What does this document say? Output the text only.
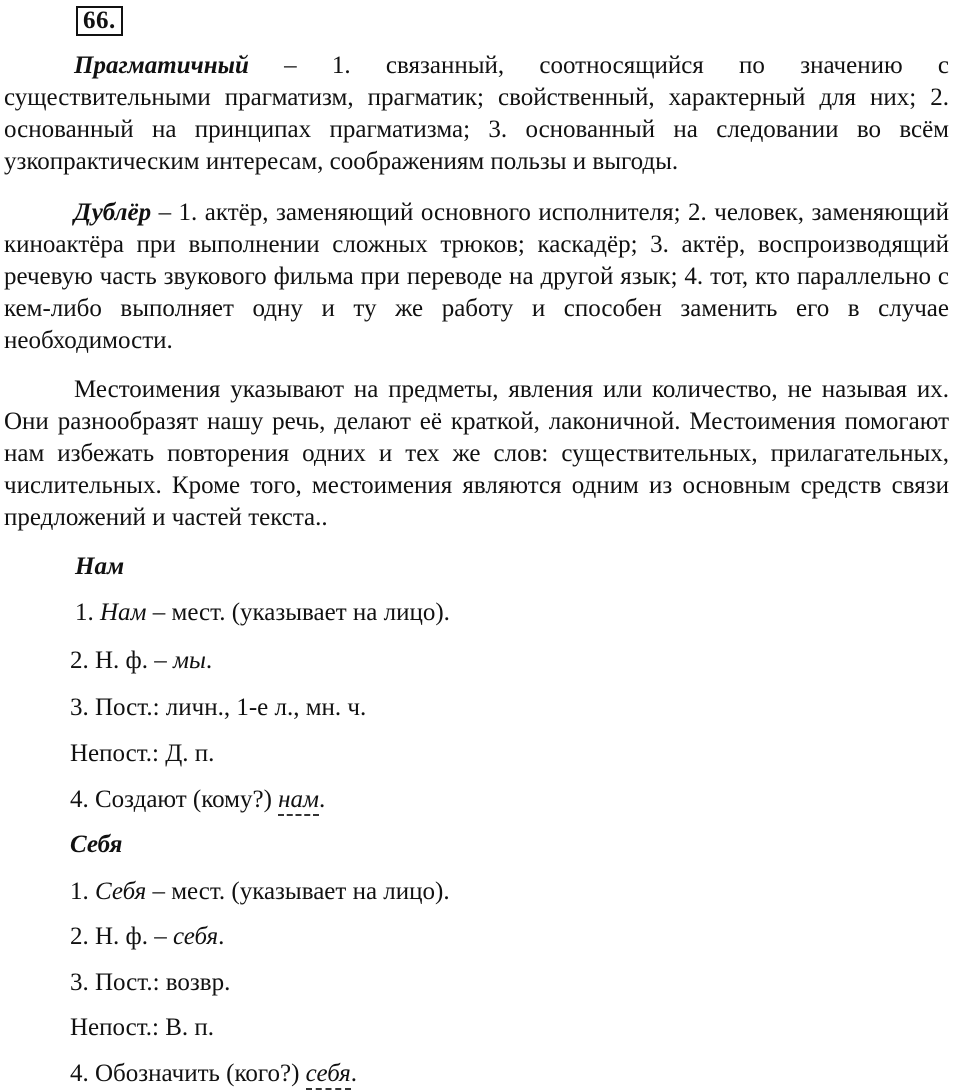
66.

Прагматичный – 1. связанный, соотносящийся по значению с существительными прагматизм, прагматик; свойственный, характерный для них; 2. основанный на принципах прагматизма; 3. основанный на следовании во всём узкопрактическим интересам, соображениям пользы и выгоды.

Дублёр – 1. актёр, заменяющий основного исполнителя; 2. человек, заменяющий киноактёра при выполнении сложных трюков; каскадёр; 3. актёр, воспроизводящий речевую часть звукового фильма при переводе на другой язык; 4. тот, кто параллельно с кем-либо выполняет одну и ту же работу и способен заменить его в случае необходимости.

Местоимения указывают на предметы, явления или количество, не называя их. Они разнообразят нашу речь, делают её краткой, лаконичной. Местоимения помогают нам избежать повторения одних и тех же слов: существительных, прилагательных, числительных. Кроме того, местоимения являются одним из основным средств связи предложений и частей текста..

Нам

1. Нам – мест. (указывает на лицо).

2. Н. ф. – мы.

3. Пост.: личн., 1-е л., мн. ч.

Непост.: Д. п.

4. Создают (кому?) нам.

Себя

1. Себя – мест. (указывает на лицо).

2. Н. ф. – себя.

3. Пост.: возвр.

Непост.: В. п.

4. Обозначить (кого?) себя.
